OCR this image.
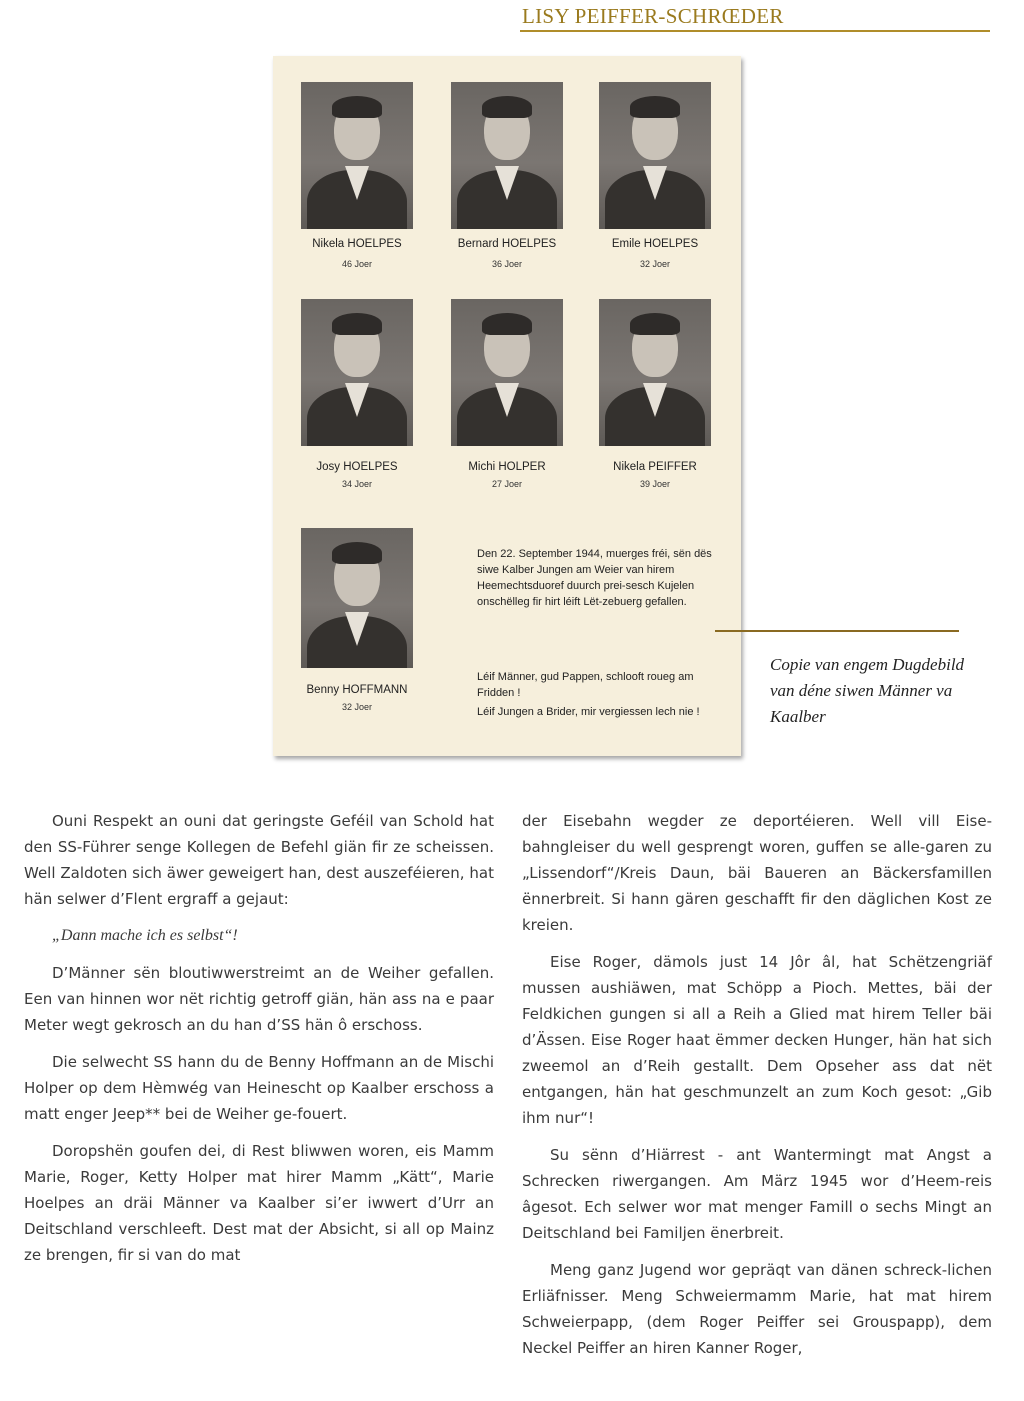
LISY PEIFFER-SCHRŒDER
Nikela HOELPES
46 Joer
Bernard HOELPES
36 Joer
Emile HOELPES
32 Joer
Josy HOELPES
34 Joer
Michi HOLPER
27 Joer
Nikela PEIFFER
39 Joer
Benny HOFFMANN
32 Joer

Den 22. September 1944, muerges fréi, sën dës siwe Kalber Jungen am Weier van hirem Heemechtsduoref duurch prei-sesch Kujelen onschëlleg fir hirt léift Lët-zebuerg gefallen.

Léif Männer, gud Pappen, schlooft roueg am Fridden !

Léif Jungen a Brider, mir vergiessen lech nie !

Copie van engem Dugdebild van déne siwen Männer va Kaalber

Ouni Respekt an ouni dat geringste Geféil van Schold hat den SS-Führer senge Kollegen de Befehl giän fir ze scheissen. Well Zaldoten sich äwer geweigert han, dest auszeféieren, hat hän selwer d’Flent ergraff a gejaut:

„Dann mache ich es selbst“!

D’Männer sën bloutiwwerstreimt an de Weiher gefallen. Een van hinnen wor nët richtig getroff giän, hän ass na e paar Meter wegt gekrosch an du han d’SS hän ô erschoss.

Die selwecht SS hann du de Benny Hoffmann an de Mischi Holper op dem Hèmwég van Heinescht op Kaalber erschoss a matt enger Jeep** bei de Weiher ge-fouert.

Doropshën goufen dei, di Rest bliwwen woren, eis Mamm Marie, Roger, Ketty Holper mat hirer Mamm „Kätt“, Marie Hoelpes an dräi Männer va Kaalber si’er iwwert d’Urr an Deitschland verschleeft. Dest mat der Absicht, si all op Mainz ze brengen, fir si van do mat

der Eisebahn wegder ze deportéieren. Well vill Eise-bahngleiser du well gesprengt woren, guffen se alle-garen zu „Lissendorf“/Kreis Daun, bäi Baueren an Bäckersfamillen ënnerbreit. Si hann gären geschafft fir den däglichen Kost ze kreien.

Eise Roger, dämols just 14 Jôr âl, hat Schëtzengriäf mussen aushiäwen, mat Schöpp a Pioch. Mettes, bäi der Feldkichen gungen si all a Reih a Glied mat hirem Teller bäi d’Ässen. Eise Roger haat ëmmer decken Hunger, hän hat sich zweemol an d’Reih gestallt. Dem Opseher ass dat nët entgangen, hän hat geschmunzelt an zum Koch gesot: „Gib ihm nur“!

Su sënn d’Hiärrest - ant Wantermingt mat Angst a Schrecken riwergangen. Am März 1945 wor d’Heem-reis âgesot. Ech selwer wor mat menger Famill o sechs Mingt an Deitschland bei Familjen ënerbreit.

Meng ganz Jugend wor gepräqt van dänen schreck-lichen Erliäfnisser. Meng Schweiermamm Marie, hat mat hirem Schweierpapp, (dem Roger Peiffer sei Grouspapp), dem Neckel Peiffer an hiren Kanner Roger,
